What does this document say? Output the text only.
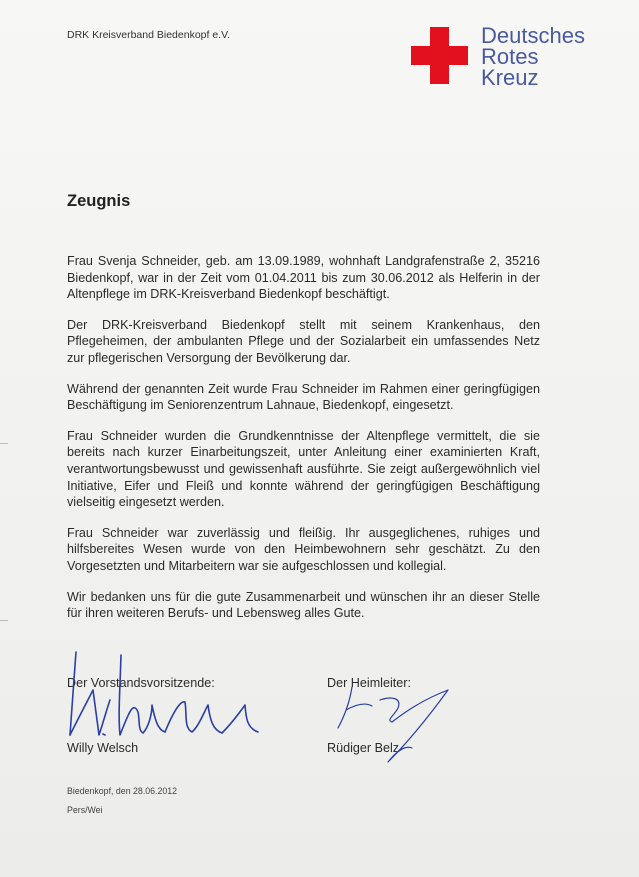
DRK Kreisverband Biedenkopf e.V.	Deutsches
Rotes
Kreuz
Zeugnis

Frau Svenja Schneider, geb. am 13.09.1989, wohnhaft Landgrafenstraße 2, 35216 Biedenkopf, war in der Zeit vom 01.04.2011 bis zum 30.06.2012 als Helferin in der Altenpflege im DRK-Kreisverband Biedenkopf beschäftigt.

Der DRK-Kreisverband Biedenkopf stellt mit seinem Krankenhaus, den Pflegeheimen, der ambulanten Pflege und der Sozialarbeit ein umfassendes Netz zur pflegerischen Versorgung der Bevölkerung dar.

Während der genannten Zeit wurde Frau Schneider im Rahmen einer geringfügigen Beschäftigung im Seniorenzentrum Lahnaue, Biedenkopf, eingesetzt.

Frau Schneider wurden die Grundkenntnisse der Altenpflege vermittelt, die sie bereits nach kurzer Einarbeitungszeit, unter Anleitung einer examinierten Kraft, verantwortungsbewusst und gewissenhaft ausführte. Sie zeigt außergewöhnlich viel Initiative, Eifer und Fleiß und konnte während der geringfügigen Beschäftigung vielseitig eingesetzt werden.

Frau Schneider war zuverlässig und fleißig. Ihr ausgeglichenes, ruhiges und hilfsbereites Wesen wurde von den Heimbewohnern sehr geschätzt. Zu den Vorgesetzten und Mitarbeitern war sie aufgeschlossen und kollegial.

Wir bedanken uns für die gute Zusammenarbeit und wünschen ihr an dieser Stelle für ihren weiteren Berufs- und Lebensweg alles Gute.

Der Vorstandsvorsitzende:	Der Heimleiter:
Willy Welsch	Rüdiger Belz
Biedenkopf, den 28.06.2012
Pers/Wei
